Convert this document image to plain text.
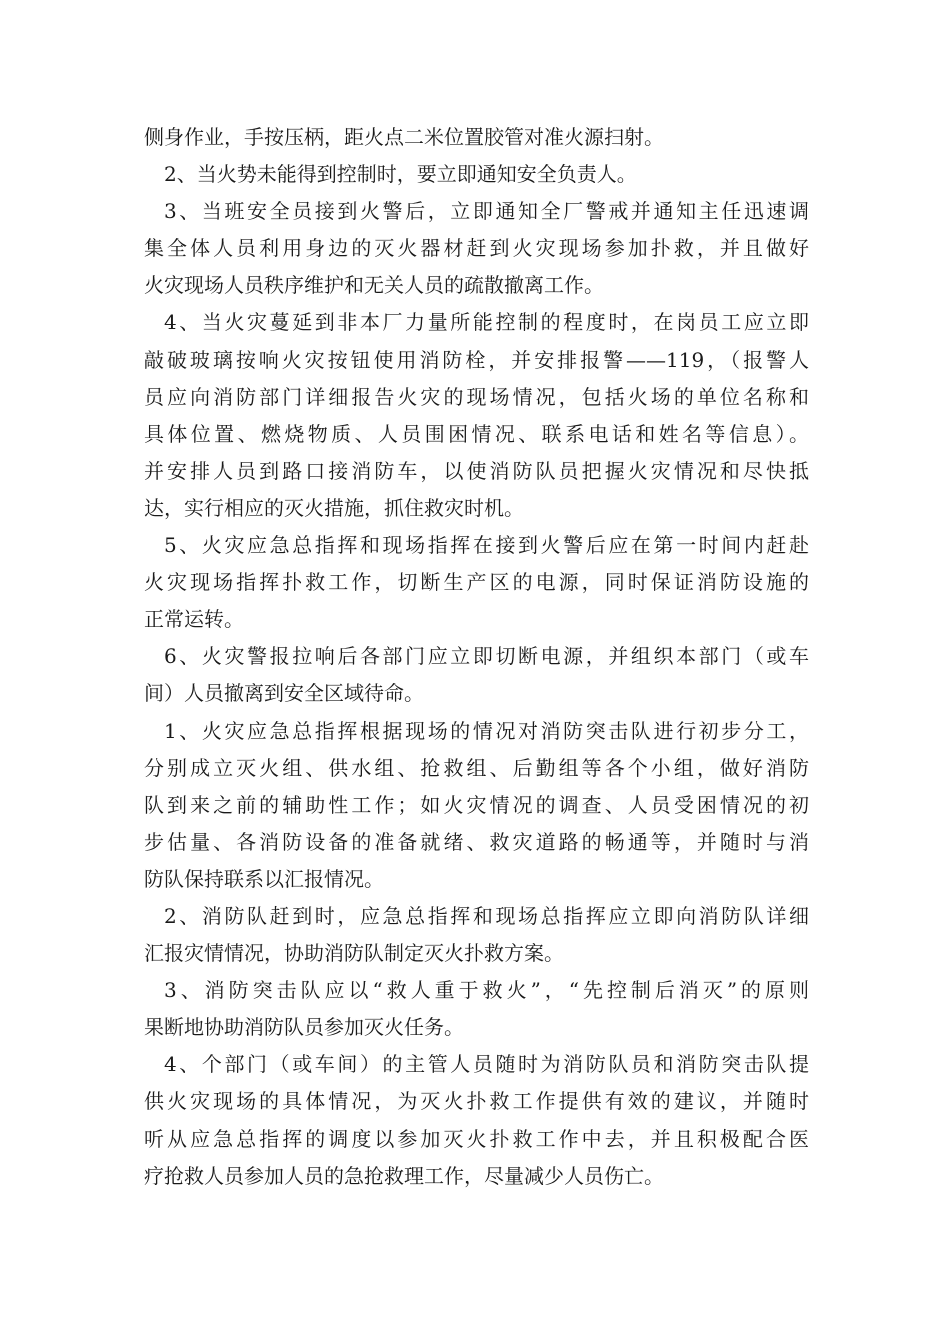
侧身作业，手按压柄，距火点二米位置胶管对准火源扫射。
2、当火势未能得到控制时，要立即通知安全负责人。
3、当班安全员接到火警后，立即通知全厂警戒并通知主任迅速调
集全体人员利用身边的灭火器材赶到火灾现场参加扑救，并且做好
火灾现场人员秩序维护和无关人员的疏散撤离工作。
4、当火灾蔓延到非本厂力量所能控制的程度时，在岗员工应立即
敲破玻璃按响火灾按钮使用消防栓，并安排报警——119，（报警人
员应向消防部门详细报告火灾的现场情况，包括火场的单位名称和
具体位置、燃烧物质、人员围困情况、联系电话和姓名等信息）。
并安排人员到路口接消防车，以使消防队员把握火灾情况和尽快抵
达，实行相应的灭火措施，抓住救灾时机。
5、火灾应急总指挥和现场指挥在接到火警后应在第一时间内赶赴
火灾现场指挥扑救工作，切断生产区的电源，同时保证消防设施的
正常运转。
6、火灾警报拉响后各部门应立即切断电源，并组织本部门（或车
间）人员撤离到安全区域待命。
1、火灾应急总指挥根据现场的情况对消防突击队进行初步分工，
分别成立灭火组、供水组、抢救组、后勤组等各个小组，做好消防
队到来之前的辅助性工作；如火灾情况的调查、人员受困情况的初
步估量、各消防设备的准备就绪、救灾道路的畅通等，并随时与消
防队保持联系以汇报情况。
2、消防队赶到时，应急总指挥和现场总指挥应立即向消防队详细
汇报灾情情况，协助消防队制定灭火扑救方案。
3、消防突击队应以“救人重于救火”，“先控制后消灭”的原则
果断地协助消防队员参加灭火任务。
4、个部门（或车间）的主管人员随时为消防队员和消防突击队提
供火灾现场的具体情况，为灭火扑救工作提供有效的建议，并随时
听从应急总指挥的调度以参加灭火扑救工作中去，并且积极配合医
疗抢救人员参加人员的急抢救理工作，尽量减少人员伤亡。
